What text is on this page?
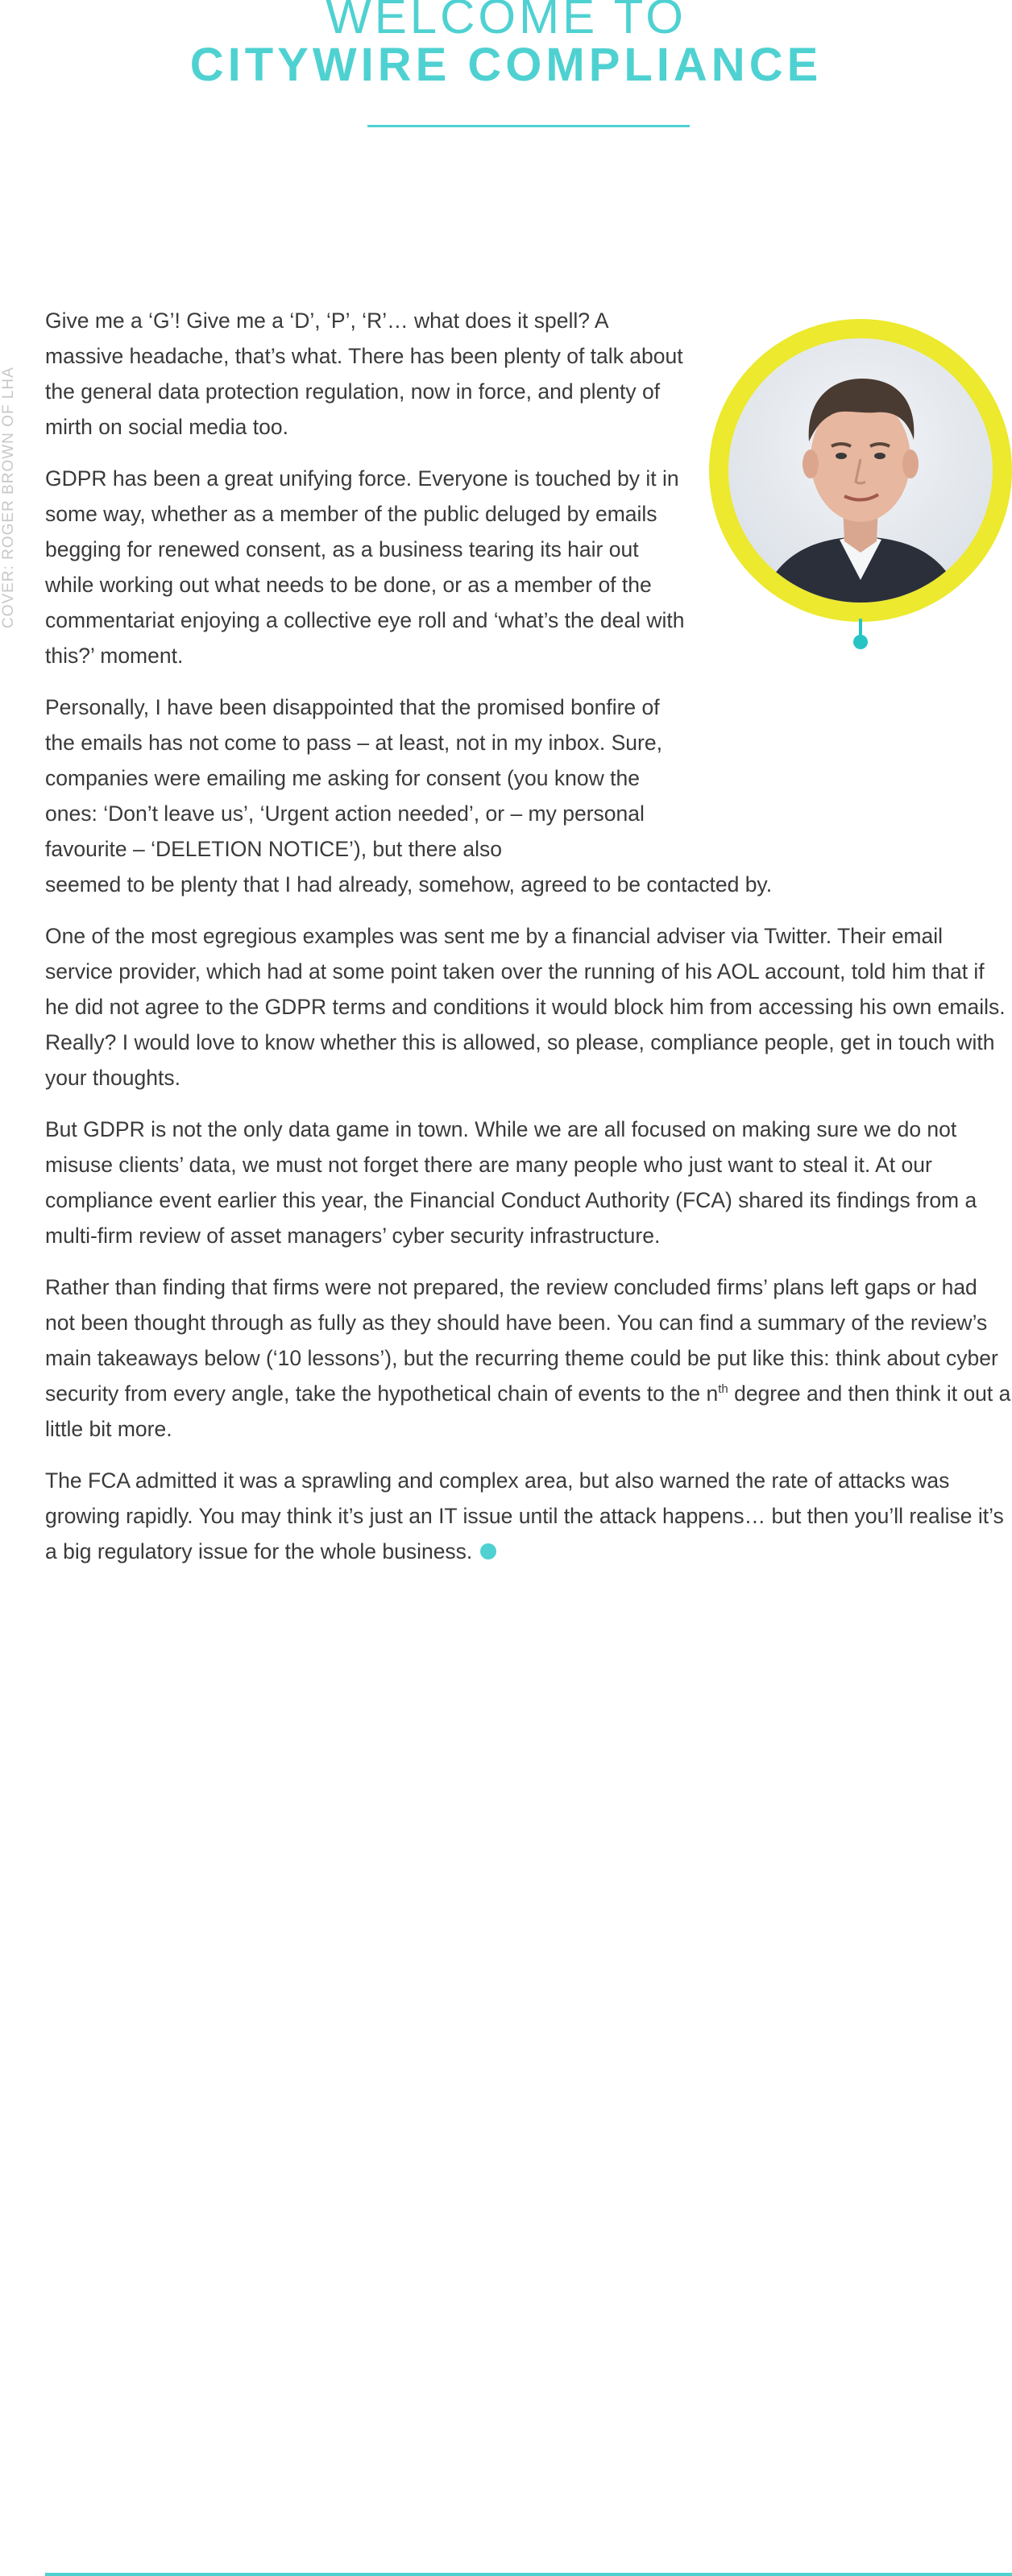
WELCOME TO
CITYWIRE COMPLIANCE
COVER: ROGER BROWN OF LHA

Give me a ‘G’! Give me a ‘D’, ‘P’, ‘R’… what does it spell? A massive headache, that’s what. There has been plenty of talk about the general data protection regulation, now in force, and plenty of mirth on social media too.

GDPR has been a great unifying force. Everyone is touched by it in some way, whether as a member of the public deluged by emails begging for renewed consent, as a business tearing its hair out while working out what needs to be done, or as a member of the commentariat enjoying a collective eye roll and ‘what’s the deal with this?’ moment.

Personally, I have been disappointed that the promised bonfire of the emails has not come to pass – at least, not in my inbox. Sure, companies were emailing me asking for consent (you know the ones: ‘Don’t leave us’, ‘Urgent action needed’, or – my personal favourite – ‘DELETION NOTICE’), but there also
seemed to be plenty that I had already, somehow, agreed to be contacted by.

One of the most egregious examples was sent me by a financial adviser via Twitter. Their email service provider, which had at some point taken over the running of his AOL account, told him that if he did not agree to the GDPR terms and conditions it would block him from accessing his own emails. Really? I would love to know whether this is allowed, so please, compliance people, get in touch with your thoughts.

But GDPR is not the only data game in town. While we are all focused on making sure we do not misuse clients’ data, we must not forget there are many people who just want to steal it. At our compliance event earlier this year, the Financial Conduct Authority (FCA) shared its findings from a multi-firm review of asset managers’ cyber security infrastructure.

Rather than finding that firms were not prepared, the review concluded firms’ plans left gaps or had not been thought through as fully as they should have been. You can find a summary of the review’s main takeaways below (‘10 lessons’), but the recurring theme could be put like this: think about cyber security from every angle, take the hypothetical chain of events to the $n^{th}$ degree and then think it out a little bit more.

The FCA admitted it was a sprawling and complex area, but also warned the rate of attacks was growing rapidly. You may think it’s just an IT issue until the attack happens… but then you’ll realise it’s a big regulatory issue for the whole business.
